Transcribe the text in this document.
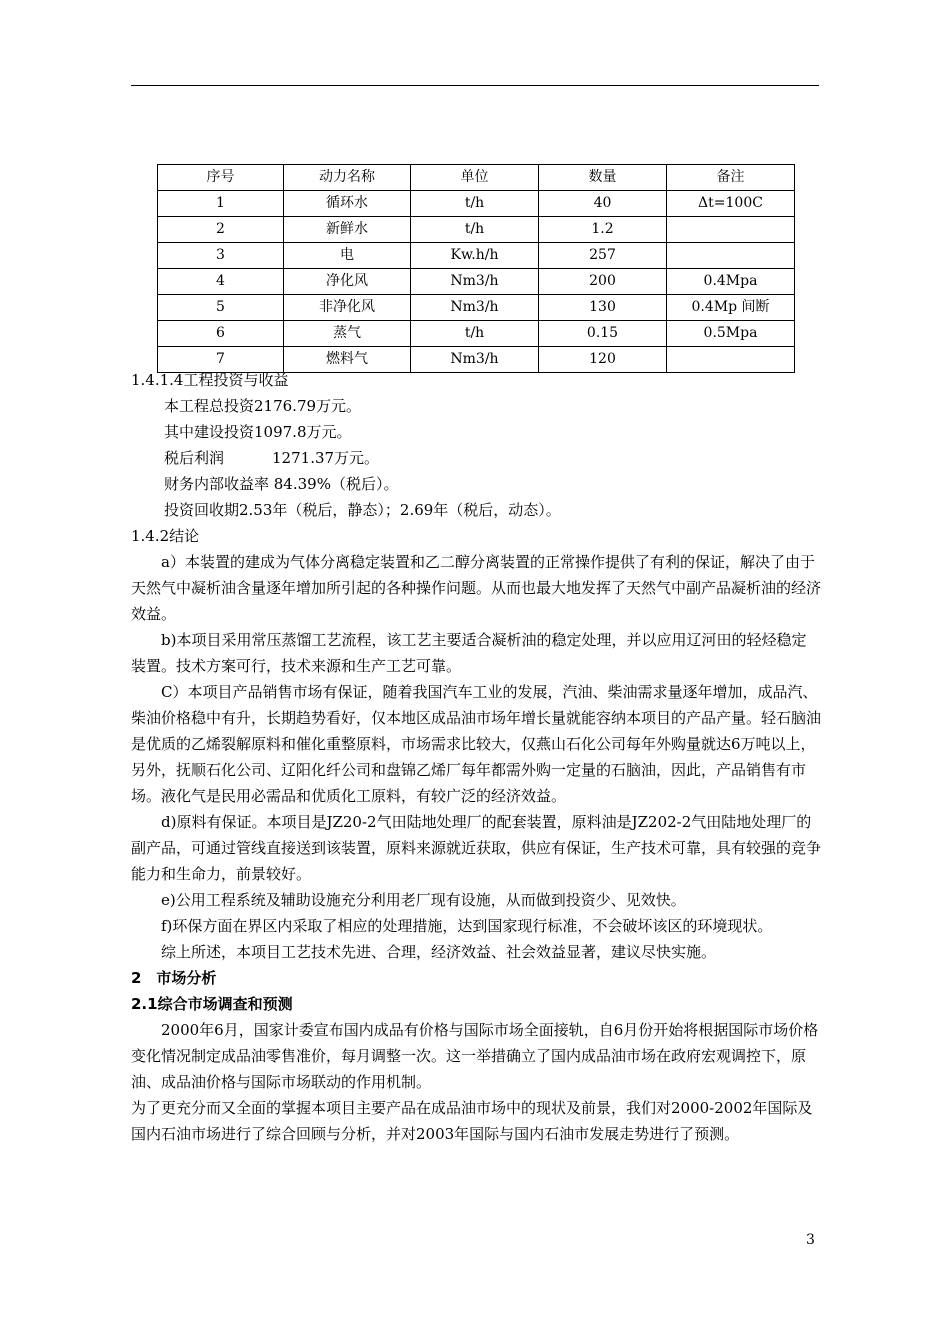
序号	动力名称	单位	数量	备注
1	循环水	t/h	40	Δt=100C
2	新鲜水	t/h	1.2	
3	电	Kw.h/h	257	
4	净化风	Nm3/h	200	0.4Mpa
5	非净化风	Nm3/h	130	0.4Mp 间断
6	蒸气	t/h	0.15	0.5Mpa
7	燃料气	Nm3/h	120	

1.4.1.4工程投资与收益

本工程总投资2176.79万元。

其中建设投资1097.8万元。

税后利润	1271.37万元。

财务内部收益率 84.39%（税后）。

投资回收期2.53年（税后，静态）；2.69年（税后，动态）。

1.4.2结论

a）本装置的建成为气体分离稳定装置和乙二醇分离装置的正常操作提供了有利的保证，解决了由于天然气中凝析油含量逐年增加所引起的各种操作问题。从而也最大地发挥了天然气中副产品凝析油的经济效益。

b)本项目采用常压蒸馏工艺流程，该工艺主要适合凝析油的稳定处理，并以应用辽河田的轻烃稳定装置。技术方案可行，技术来源和生产工艺可靠。

C）本项目产品销售市场有保证，随着我国汽车工业的发展，汽油、柴油需求量逐年增加，成品汽、柴油价格稳中有升，长期趋势看好，仅本地区成品油市场年增长量就能容纳本项目的产品产量。轻石脑油是优质的乙烯裂解原料和催化重整原料，市场需求比较大，仅燕山石化公司每年外购量就达6万吨以上，另外，抚顺石化公司、辽阳化纤公司和盘锦乙烯厂每年都需外购一定量的石脑油，因此，产品销售有市场。液化气是民用必需品和优质化工原料，有较广泛的经济效益。

d)原料有保证。本项目是JZ20-2气田陆地处理厂的配套装置，原料油是JZ202-2气田陆地处理厂的副产品，可通过管线直接送到该装置，原料来源就近获取，供应有保证，生产技术可靠，具有较强的竞争能力和生命力，前景较好。

e)公用工程系统及辅助设施充分利用老厂现有设施，从而做到投资少、见效快。

f)环保方面在界区内采取了相应的处理措施，达到国家现行标准，不会破坏该区的环境现状。

综上所述，本项目工艺技术先进、合理，经济效益、社会效益显著，建议尽快实施。

2　市场分析

2.1综合市场调查和预测

2000年6月，国家计委宣布国内成品有价格与国际市场全面接轨，自6月份开始将根据国际市场价格变化情况制定成品油零售准价，每月调整一次。这一举措确立了国内成品油市场在政府宏观调控下，原油、成品油价格与国际市场联动的作用机制。

为了更充分而又全面的掌握本项目主要产品在成品油市场中的现状及前景，我们对2000-2002年国际及国内石油市场进行了综合回顾与分析，并对2003年国际与国内石油市发展走势进行了预测。

3
